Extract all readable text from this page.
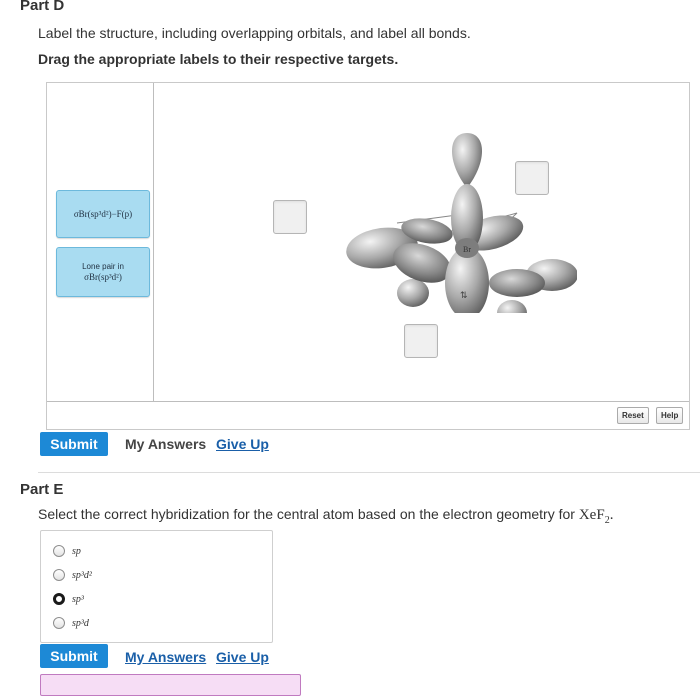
Part D
Label the structure, including overlapping orbitals, and label all bonds.
Drag the appropriate labels to their respective targets.
σBr(sp³d²)−F(p)
Lone pair in
σBr(sp³d²)
Br
⇅
Reset	Help
Submit	My Answers Give Up
Part E
Select the correct hybridization for the central atom based on the electron geometry for XeF$_2$.
sp
sp³d²
sp³
sp³d
Submit	My Answers Give Up
